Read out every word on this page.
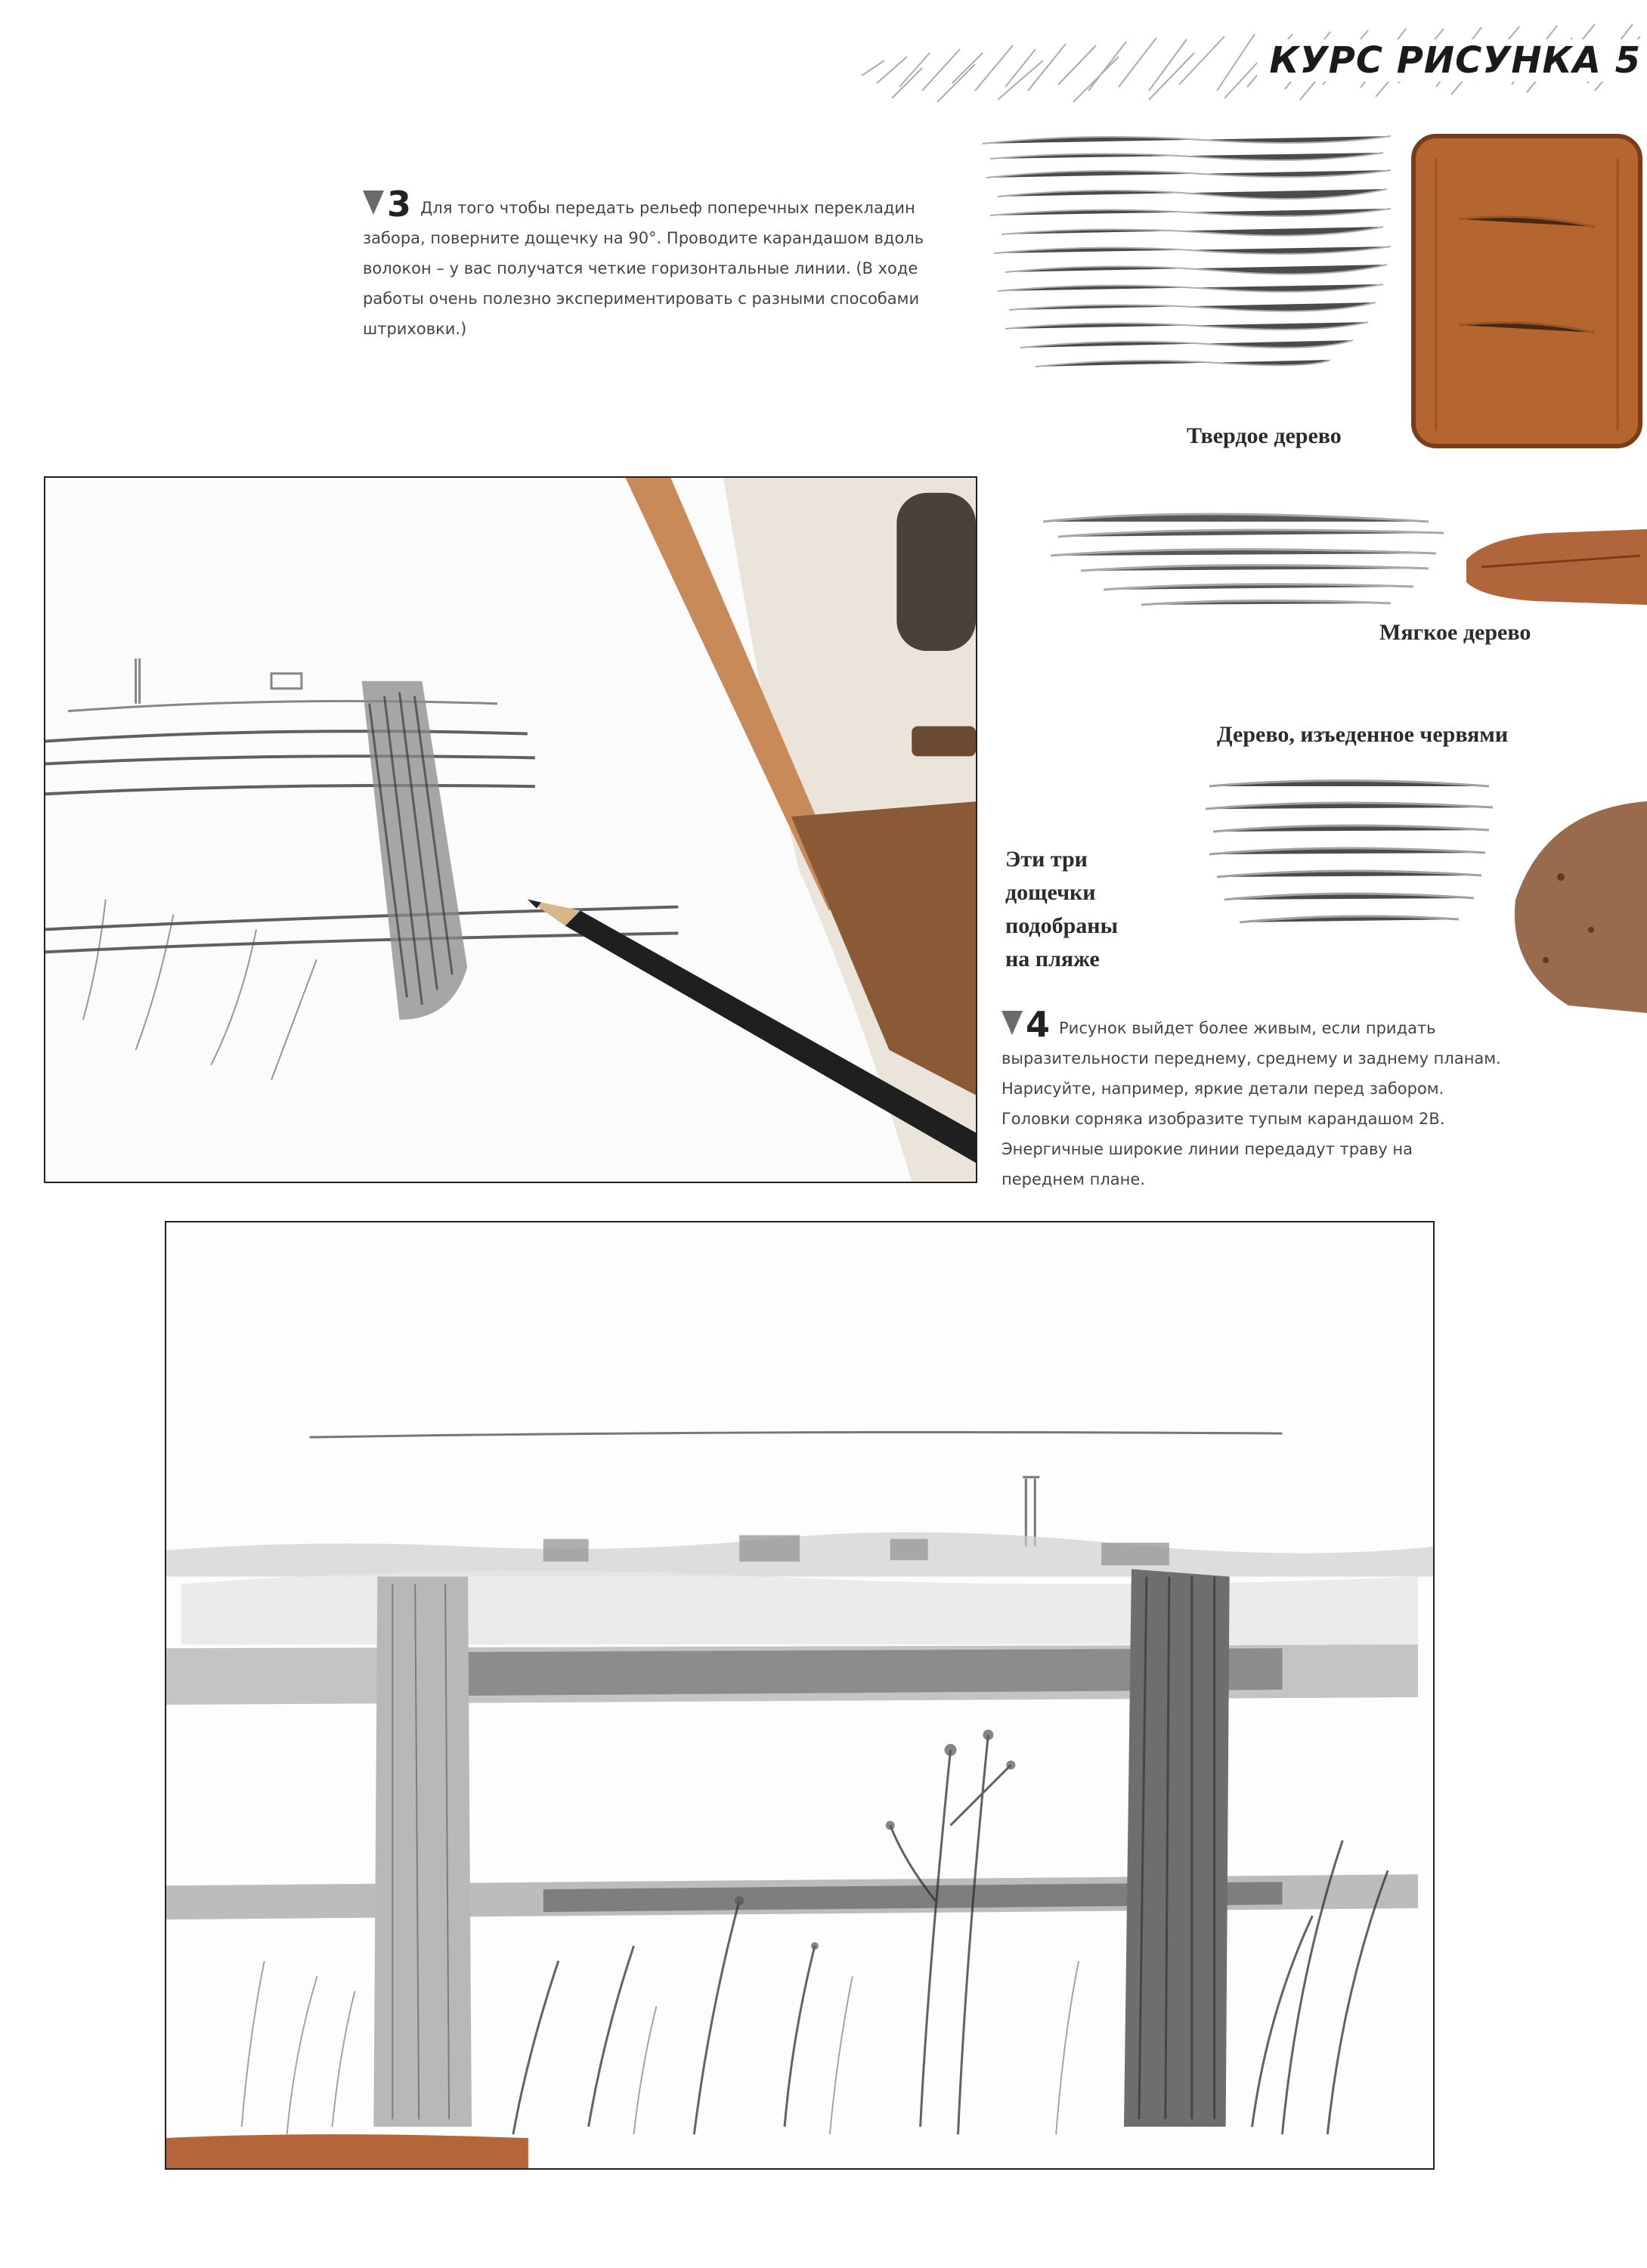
КУРС РИСУНКА 5
3 Для того чтобы передать рельеф поперечных перекладин
забора, поверните дощечку на 90°. Проводите карандашом вдоль
волокон – у вас получатся четкие горизонтальные линии. (В ходе
работы очень полезно экспериментировать с разными способами
штриховки.)
Твердое дерево
Мягкое дерево
Дерево, изъеденное червями
Эти три
дощечки
подобраны
на пляже
4 Рисунок выйдет более живым, если придать
выразительности переднему, среднему и заднему планам.
Нарисуйте, например, яркие детали перед забором.
Головки сорняка изобразите тупым карандашом 2В.
Энергичные широкие линии передадут траву на
переднем плане.
